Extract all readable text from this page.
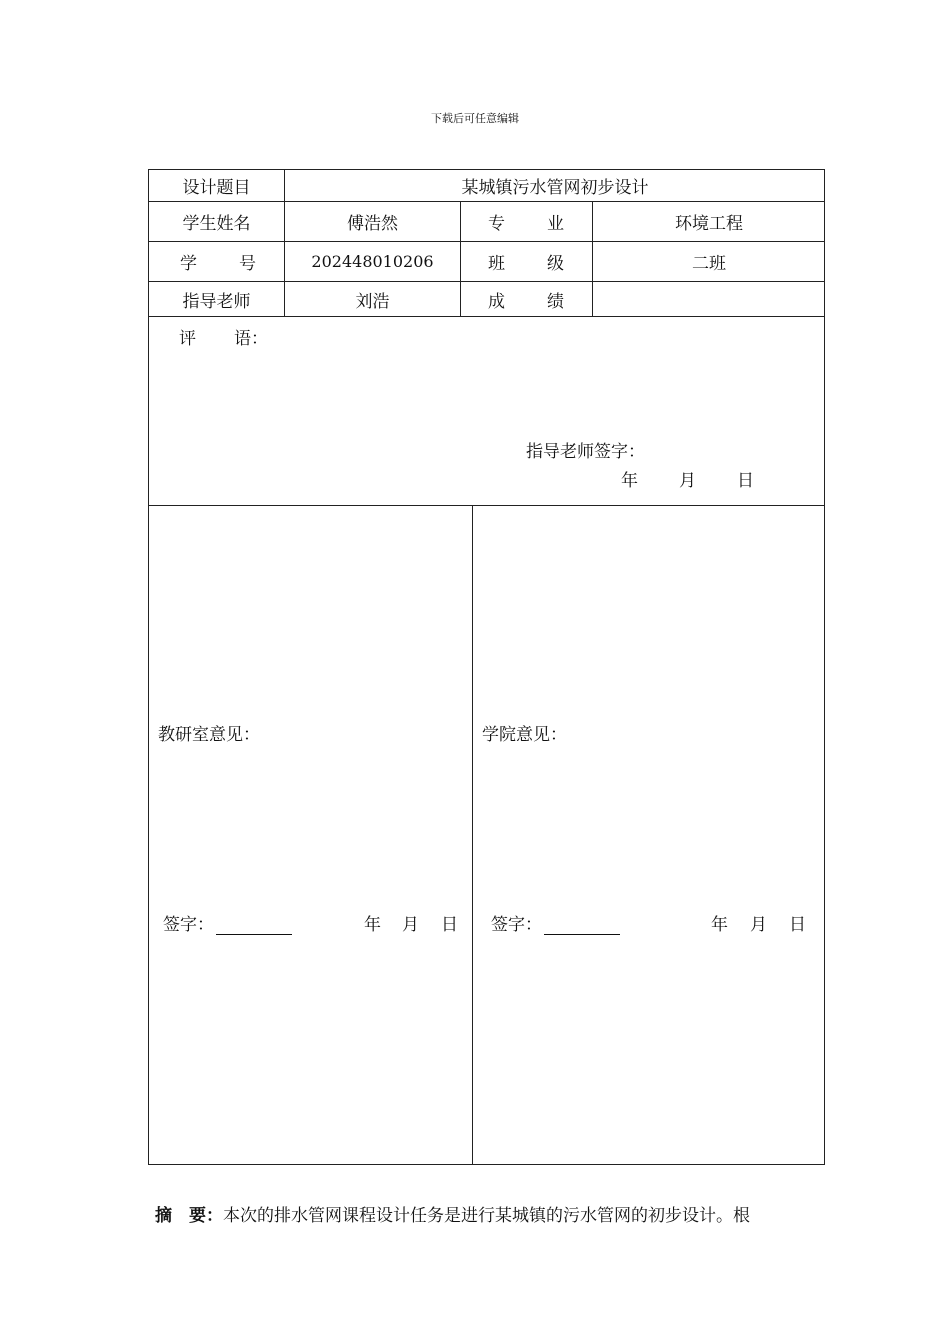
下载后可任意编辑
设计题目	某城镇污水管网初步设计
学生姓名	傅浩然	专 业	环境工程
学 号	202448010206	班 级	二班
指导老师	刘浩	成 绩
评 语：
指导老师签字：
年 月 日
教研室意见：
签字：	年 月 日
学院意见：
签字：	年 月 日
摘　要：本次的排水管网课程设计任务是进行某城镇的污水管网的初步设计。根
